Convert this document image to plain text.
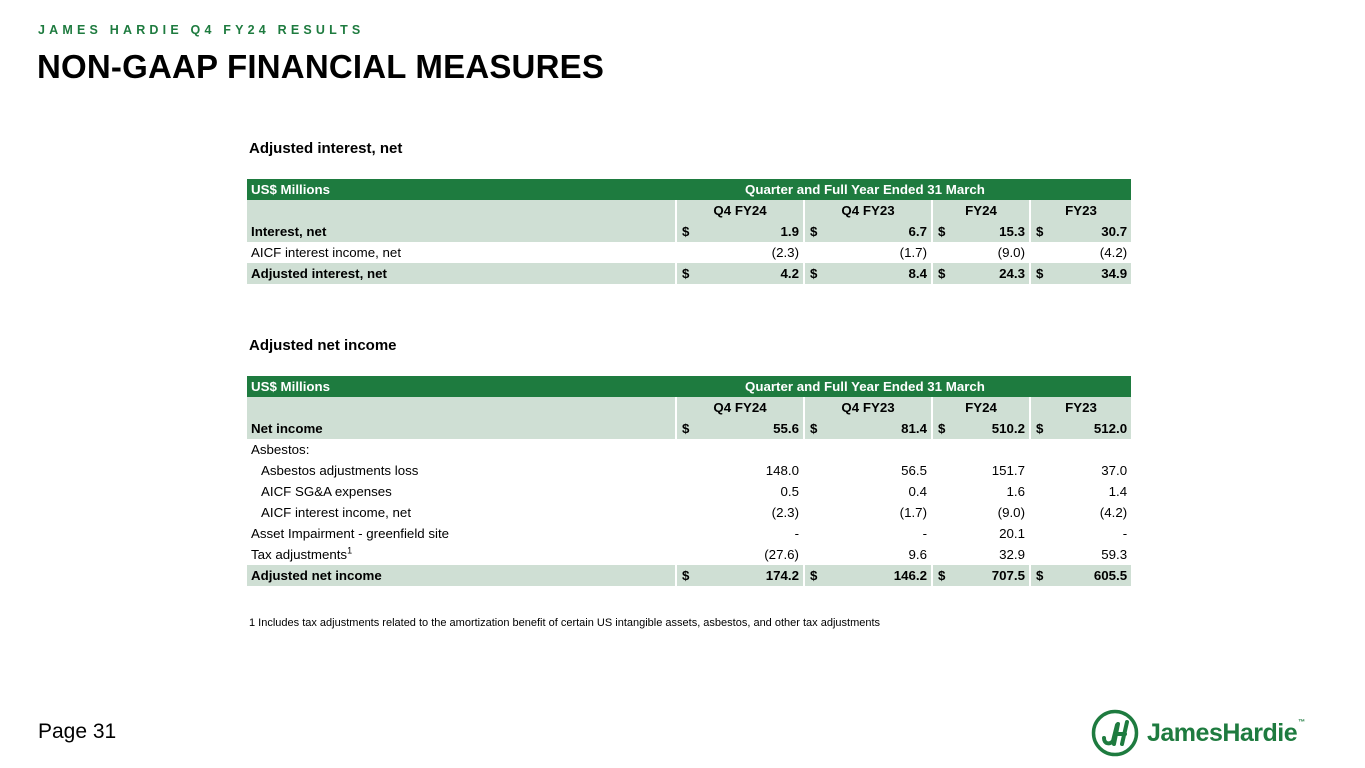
JAMES HARDIE Q4 FY24 RESULTS
NON-GAAP FINANCIAL MEASURES
Adjusted interest, net
US$ Millions		Quarter and Full Year Ended 31 March										
		Q4 FY24			Q4 FY23			FY24			FY23	
Interest, net		$	1.9		$	6.7		$	15.3		$	30.7
AICF interest income, net			(2.3)			(1.7)			(9.0)			(4.2)
Adjusted interest, net		$	4.2		$	8.4		$	24.3		$	34.9
Adjusted net income
US$ Millions		Quarter and Full Year Ended 31 March										
		Q4 FY24			Q4 FY23			FY24			FY23	
Net income		$	55.6		$	81.4		$	510.2		$	512.0
Asbestos:												
Asbestos adjustments loss			148.0			56.5			151.7			37.0
AICF SG&A expenses			0.5			0.4			1.6			1.4
AICF interest income, net			(2.3)			(1.7)			(9.0)			(4.2)
Asset Impairment - greenfield site			-			-			20.1			-
Tax adjustments$^1$			(27.6)			9.6			32.9			59.3
Adjusted net income		$	174.2		$	146.2		$	707.5		$	605.5
1 Includes tax adjustments related to the amortization benefit of certain US intangible assets, asbestos, and other tax adjustments
Page 31	JamesHardie™
